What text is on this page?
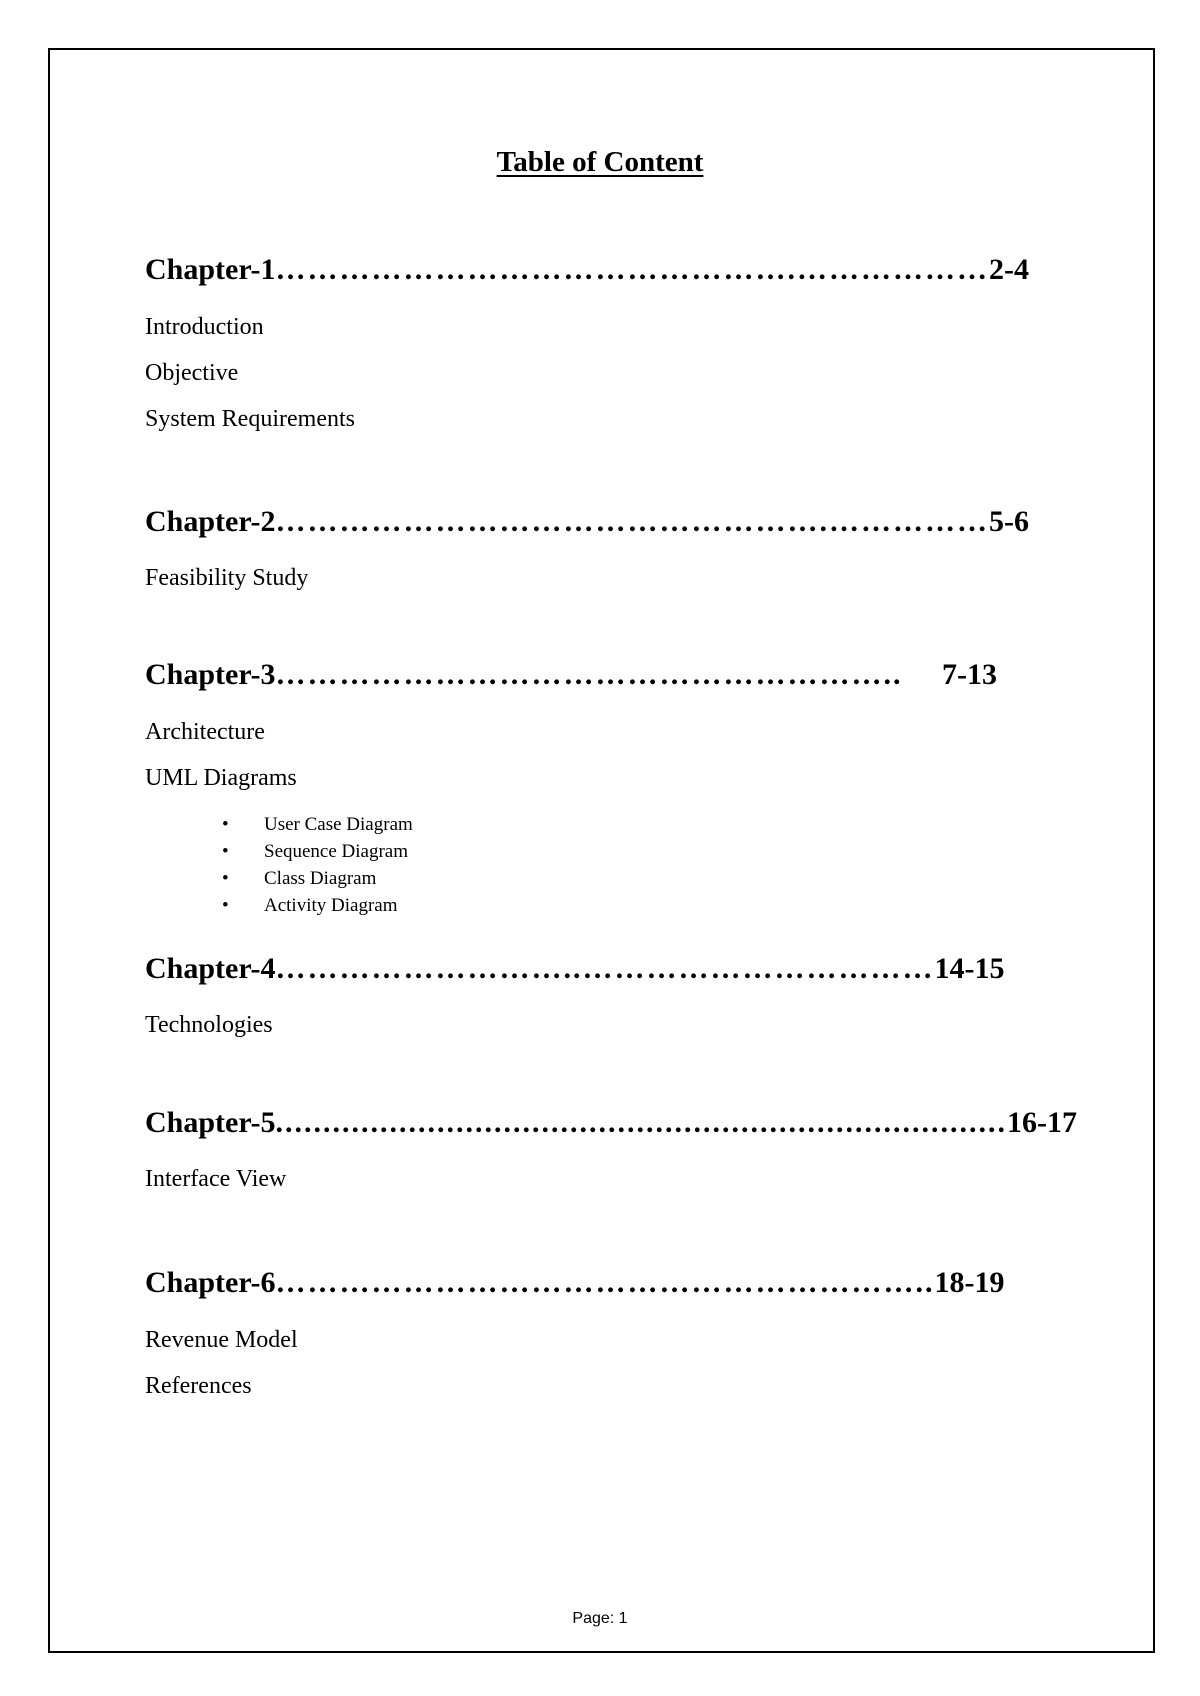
Table of Content
Chapter-1 ………………………………………….……………… 2-4
Introduction
Objective
System Requirements
Chapter-2 …………………………………………….…………… 5-6
Feasibility Study
Chapter-3 …………………………………………………..	7-13
Architecture
UML Diagrams
• User Case Diagram
• Sequence Diagram
• Class Diagram
• Activity Diagram
Chapter-4 ………………………..…………………………… 14-15
Technologies
Chapter-5 ............................................................................. 16-17
Interface View
Chapter-6 …………………………………………………….. 18-19
Revenue Model
References
Page: 1
